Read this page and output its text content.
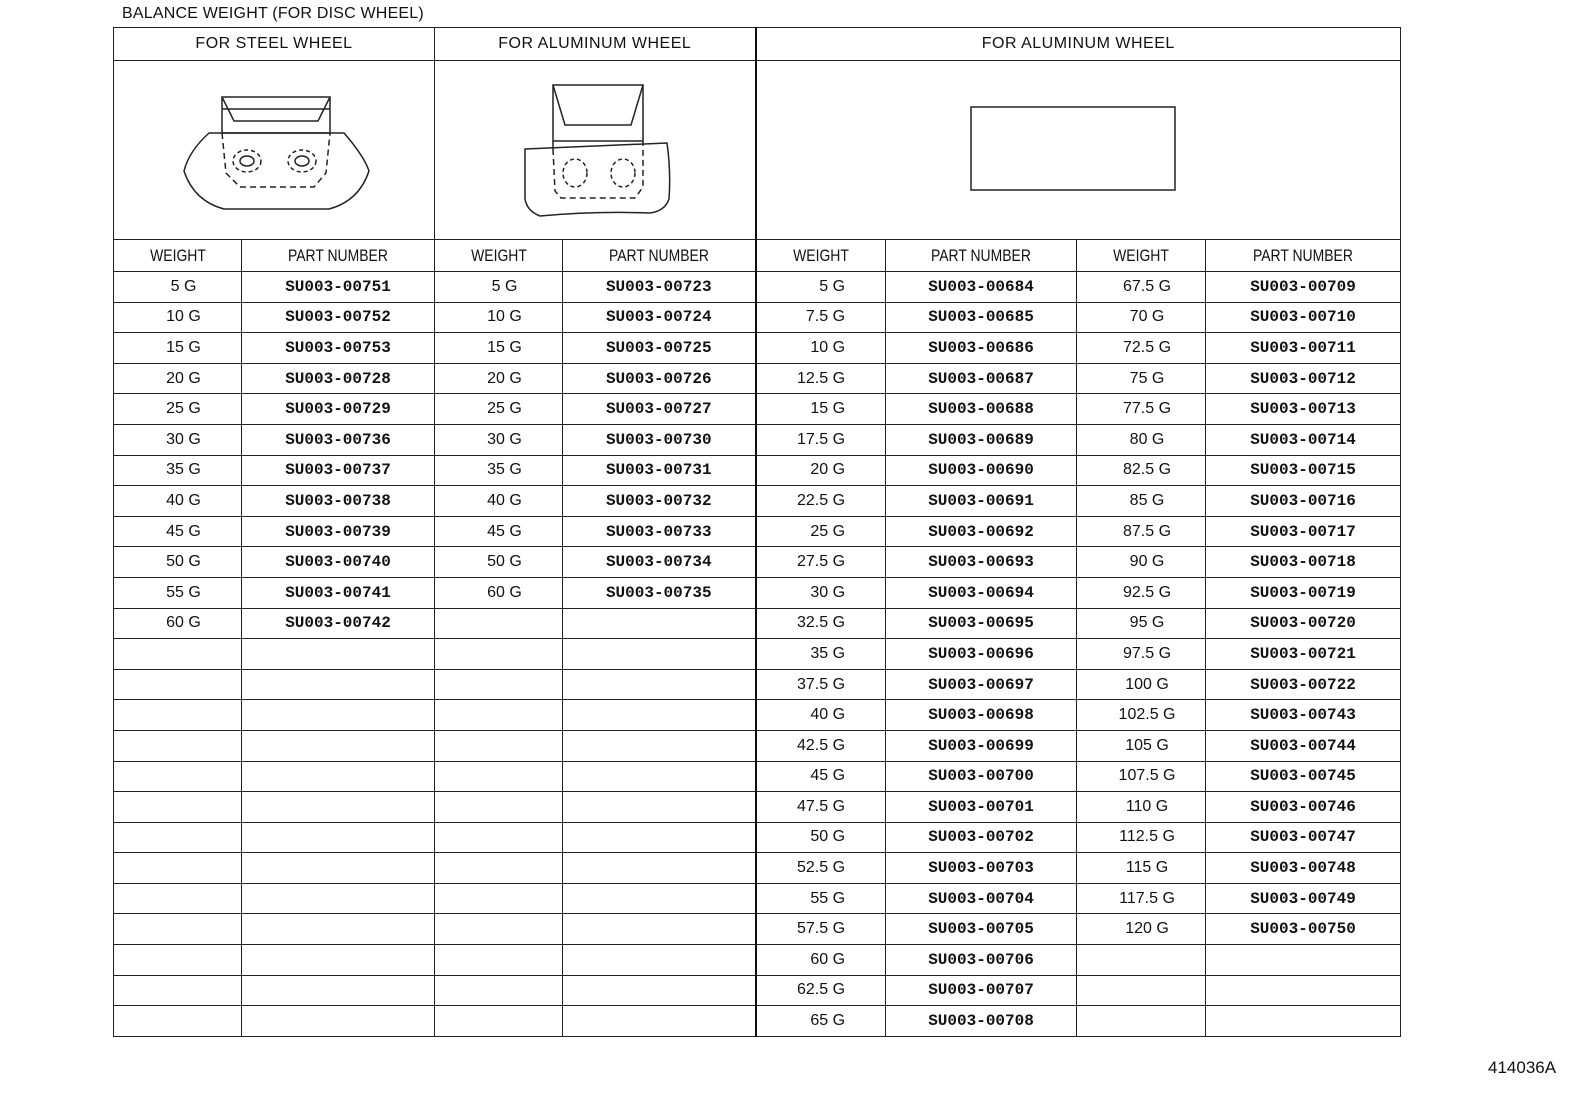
BALANCE WEIGHT (FOR DISC WHEEL)
FOR STEEL WHEEL		FOR ALUMINUM WHEEL		FOR ALUMINUM WHEEL			

WEIGHT	PART NUMBER	WEIGHT	PART NUMBER	WEIGHT	PART NUMBER	WEIGHT	PART NUMBER
5 G	SU003-00751	5 G	SU003-00723	5 G	SU003-00684	67.5 G	SU003-00709
10 G	SU003-00752	10 G	SU003-00724	7.5 G	SU003-00685	70 G	SU003-00710
15 G	SU003-00753	15 G	SU003-00725	10 G	SU003-00686	72.5 G	SU003-00711
20 G	SU003-00728	20 G	SU003-00726	12.5 G	SU003-00687	75 G	SU003-00712
25 G	SU003-00729	25 G	SU003-00727	15 G	SU003-00688	77.5 G	SU003-00713
30 G	SU003-00736	30 G	SU003-00730	17.5 G	SU003-00689	80 G	SU003-00714
35 G	SU003-00737	35 G	SU003-00731	20 G	SU003-00690	82.5 G	SU003-00715
40 G	SU003-00738	40 G	SU003-00732	22.5 G	SU003-00691	85 G	SU003-00716
45 G	SU003-00739	45 G	SU003-00733	25 G	SU003-00692	87.5 G	SU003-00717
50 G	SU003-00740	50 G	SU003-00734	27.5 G	SU003-00693	90 G	SU003-00718
55 G	SU003-00741	60 G	SU003-00735	30 G	SU003-00694	92.5 G	SU003-00719
60 G	SU003-00742			32.5 G	SU003-00695	95 G	SU003-00720
				35 G	SU003-00696	97.5 G	SU003-00721
				37.5 G	SU003-00697	100 G	SU003-00722
				40 G	SU003-00698	102.5 G	SU003-00743
				42.5 G	SU003-00699	105 G	SU003-00744
				45 G	SU003-00700	107.5 G	SU003-00745
				47.5 G	SU003-00701	110 G	SU003-00746
				50 G	SU003-00702	112.5 G	SU003-00747
				52.5 G	SU003-00703	115 G	SU003-00748
				55 G	SU003-00704	117.5 G	SU003-00749
				57.5 G	SU003-00705	120 G	SU003-00750
				60 G	SU003-00706		
				62.5 G	SU003-00707		
				65 G	SU003-00708		
414036A
